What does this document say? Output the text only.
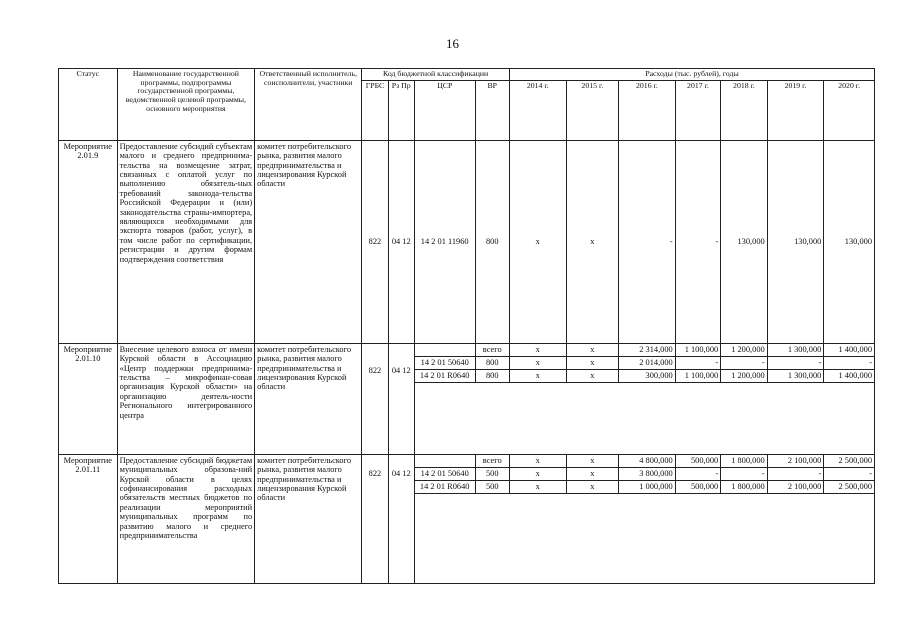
16
Статус	Наименование государственной программы, подпрограммы государственной программы, ведомственной целевой программы, основного мероприятия	Ответственный исполнитель, соисполнители, участники	Код бюджетной классификации				Расходы (тыс. рублей), годы						
			ГРБС	Рз Пр	ЦСР	ВР	2014 г.	2015 г.	2016 г.	2017 г.	2018 г.	2019 г.	2020 г.
Мероприятие 2.01.9	Предоставление субсидий субъектам малого и среднего предпринима-тельства на возмещение затрат, связанных с оплатой услуг по выполнению обязатель-ных требований законода-тельства Российской Федерации и (или) законодательства страны-импортера, являющихся необходимыми для экспорта товаров (работ, услуг), в том числе работ по сертификации, регистрации и другим формам подтверждения соответствия	комитет потребительского рынка, развития малого предпринимательства и лицензирования Курской области	822	04 12	14 2 01 11960	800	х	х	-	-	130,000	130,000	130,000
Мероприятие 2.01.10	Внесение целевого взноса от имени Курской области в Ассоциацию «Центр поддержки предпринима-тельства – микрофинан-совая организация Курской области» на организацию деятель-ности Регионального интегрированного центра	комитет потребительского рынка, развития малого предпринимательства и лицензирования Курской области	822	04 12		всего	х	х	2 314,000	1 100,000	1 200,000	1 300,000	1 400,000
					14 2 01 50640	800	х	х	2 014,000	-	-	-	-
					14 2 01 R0640	800	х	х	300,000	1 100,000	1 200,000	1 300,000	1 400,000

Мероприятие 2.01.11	Предоставление субсидий бюджетам муниципальных образова-ний Курской области в целях софинансирования расходных обязательств местных бюджетов по реализации мероприятий муниципальных программ по развитию малого и среднего предпринимательства	комитет потребительского рынка, развития малого предпринимательства и лицензирования Курской области	822	04 12		всего	х	х	4 800,000	500,000	1 800,000	2 100,000	2 500,000
					14 2 01 50640	500	х	х	3 800,000	-	-	-	-
					14 2 01 R0640	500	х	х	1 000,000	500,000	1 800,000	2 100,000	2 500,000
